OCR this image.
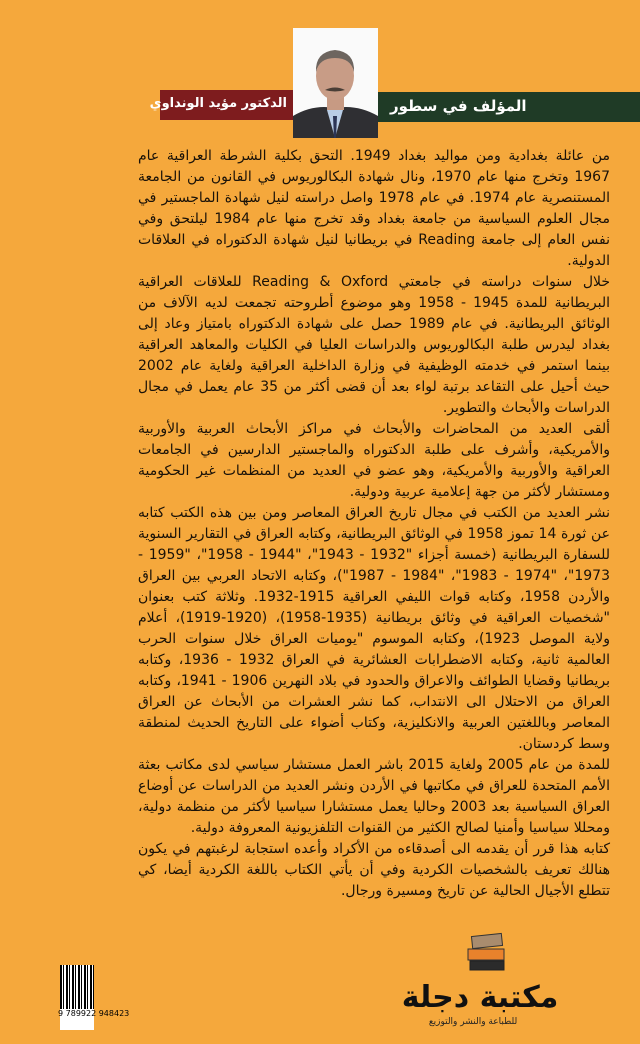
المؤلف في سطور
الدكتور مؤيد الونداوي

من عائلة بغدادية ومن مواليد بغداد 1949. التحق بكلية الشرطة العراقية عام 1967 وتخرج منها عام 1970، ونال شهادة البكالوريوس في القانون من الجامعة المستنصرية عام 1974. في عام 1978 واصل دراسته لنيل شهادة الماجستير في مجال العلوم السياسية من جامعة بغداد وقد تخرج منها عام 1984 ليلتحق وفي نفس العام إلى جامعة Reading في بريطانيا لنيل شهادة الدكتوراه في العلاقات الدولية.

خلال سنوات دراسته في جامعتي Reading & Oxford للعلاقات العراقية البريطانية للمدة 1945 - 1958 وهو موضوع أطروحته تجمعت لديه الآلاف من الوثائق البريطانية. في عام 1989 حصل على شهادة الدكتوراه بامتياز وعاد إلى بغداد ليدرس طلبة البكالوريوس والدراسات العليا في الكليات والمعاهد العراقية بينما استمر في خدمته الوظيفية في وزارة الداخلية العراقية ولغاية عام 2002 حيث أحيل على التقاعد برتبة لواء بعد أن قضى أكثر من 35 عام يعمل في مجال الدراسات والأبحاث والتطوير.

ألقى العديد من المحاضرات والأبحاث في مراكز الأبحاث العربية والأوربية والأمريكية، وأشرف على طلبة الدكتوراه والماجستير الدارسين في الجامعات العراقية والأوربية والأمريكية، وهو عضو في العديد من المنظمات غير الحكومية ومستشار لأكثر من جهة إعلامية عربية ودولية.

نشر العديد من الكتب في مجال تاريخ العراق المعاصر ومن بين هذه الكتب كتابه عن ثورة 14 تموز 1958 في الوثائق البريطانية، وكتابه العراق في التقارير السنوية للسفارة البريطانية (خمسة أجزاء "1932 - 1943"، "1944 - 1958"، "1959 - 1973"، "1974 - 1983"، "1984 - 1987")، وكتابه الاتحاد العربي بين العراق والأردن 1958، وكتابه قوات الليفي العراقية 1915-1932. وثلاثة كتب بعنوان "شخصيات العراقية في وثائق بريطانية (1935-1958)، (1920-1919)، أعلام ولاية الموصل 1923)، وكتابه الموسوم "يوميات العراق خلال سنوات الحرب العالمية ثانية، وكتابه الاضطرابات العشائرية في العراق 1932 - 1936، وكتابه بريطانيا وقضايا الطوائف والاعراق والحدود في بلاد النهرين 1906 - 1941، وكتابه العراق من الاحتلال الى الانتداب، كما نشر العشرات من الأبحاث عن العراق المعاصر وباللغتين العربية والانكليزية، وكتاب أضواء على التاريخ الحديث لمنطقة وسط كردستان.

للمدة من عام 2005 ولغاية 2015 باشر العمل مستشار سياسي لدى مكاتب بعثة الأمم المتحدة للعراق في مكاتبها في الأردن ونشر العديد من الدراسات عن أوضاع العراق السياسية بعد 2003 وحاليا يعمل مستشارا سياسيا لأكثر من منظمة دولية، ومحللا سياسيا وأمنيا لصالح الكثير من القنوات التلفزيونية المعروفة دولية.

كتابه هذا قرر أن يقدمه الى أصدقاءه من الأكراد وأعده استجابة لرغبتهم في يكون هنالك تعريف بالشخصيات الكردية وفي أن يأتي الكتاب باللغة الكردية أيضا، كي تتطلع الأجيال الحالية عن تاريخ ومسيرة ورجال.

9 789922 948423	مكتبة دجلة
للطباعة والنشر والتوزيع
